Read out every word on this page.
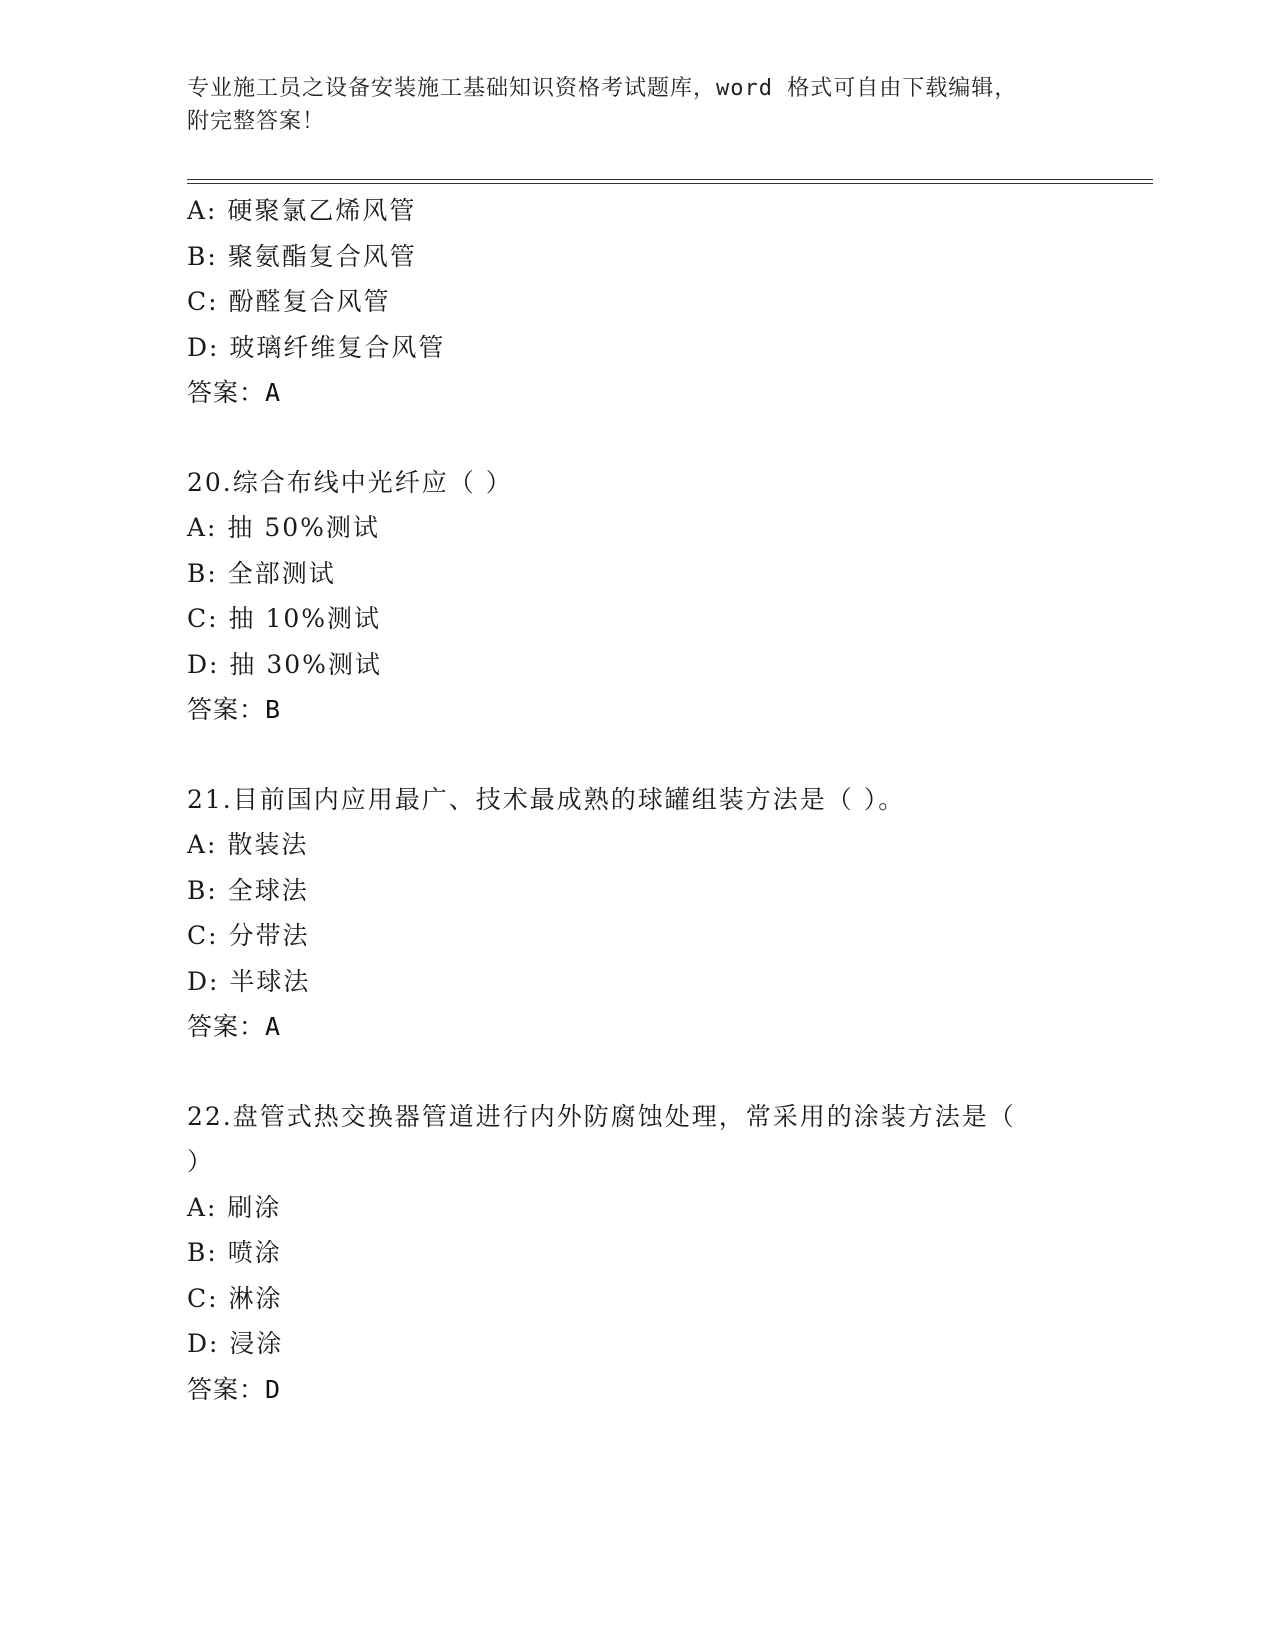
专业施工员之设备安装施工基础知识资格考试题库，word 格式可自由下载编辑，
附完整答案！
A: 硬聚氯乙烯风管
B: 聚氨酯复合风管
C: 酚醛复合风管
D: 玻璃纤维复合风管
答案：A
20.综合布线中光纤应（ ）
A: 抽 50%测试
B: 全部测试
C: 抽 10%测试
D: 抽 30%测试
答案：B
21.目前国内应用最广、技术最成熟的球罐组装方法是（ ）。
A: 散装法
B: 全球法
C: 分带法
D: 半球法
答案：A
22.盘管式热交换器管道进行内外防腐蚀处理，常采用的涂装方法是（
）
A: 刷涂
B: 喷涂
C: 淋涂
D: 浸涂
答案：D
